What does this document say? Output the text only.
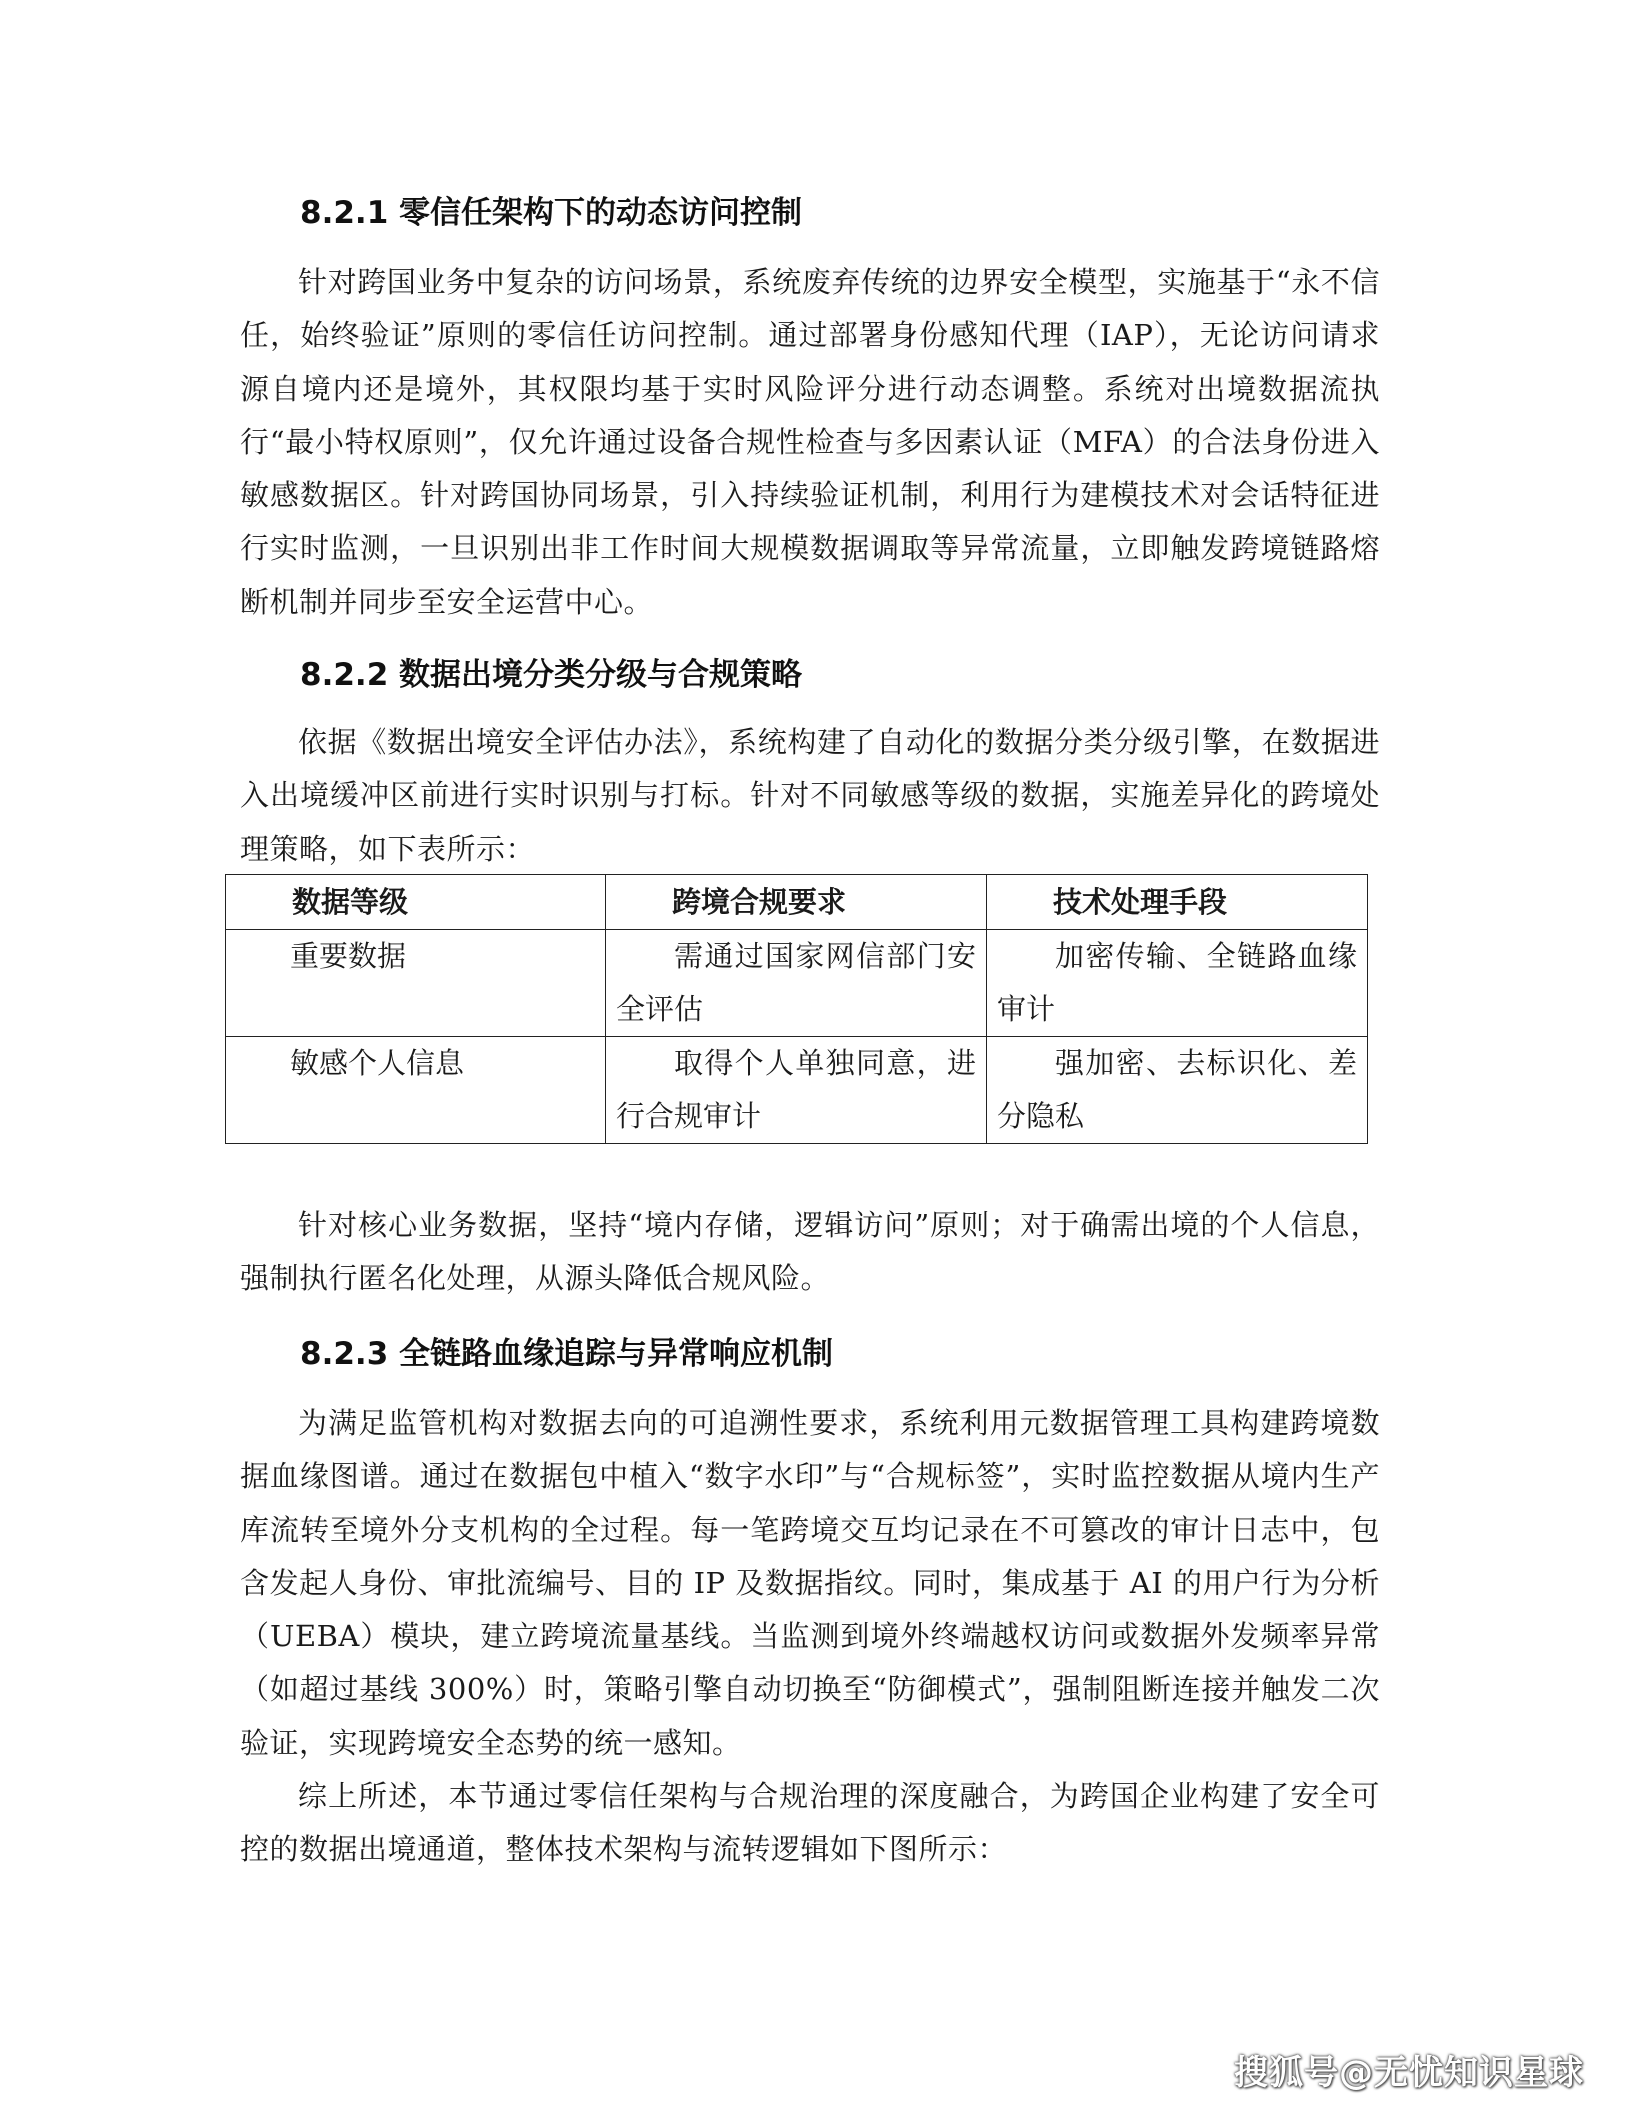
8.2.1 零信任架构下的动态访问控制

针对跨国业务中复杂的访问场景，系统废弃传统的边界安全模型，实施基于“永不信任，始终验证”原则的零信任访问控制。通过部署身份感知代理（IAP），无论访问请求源自境内还是境外，其权限均基于实时风险评分进行动态调整。系统对出境数据流执行“最小特权原则”，仅允许通过设备合规性检查与多因素认证（MFA）的合法身份进入敏感数据区。针对跨国协同场景，引入持续验证机制，利用行为建模技术对会话特征进行实时监测，一旦识别出非工作时间大规模数据调取等异常流量，立即触发跨境链路熔断机制并同步至安全运营中心。

8.2.2 数据出境分类分级与合规策略

依据《数据出境安全评估办法》，系统构建了自动化的数据分类分级引擎，在数据进入出境缓冲区前进行实时识别与打标。针对不同敏感等级的数据，实施差异化的跨境处理策略，如下表所示：

数据等级	跨境合规要求	技术处理手段

重要数据	需通过国家网信部门安全评估	加密传输、全链路血缘审计

敏感个人信息	取得个人单独同意，进行合规审计	强加密、去标识化、差分隐私

针对核心业务数据，坚持“境内存储，逻辑访问”原则；对于确需出境的个人信息，强制执行匿名化处理，从源头降低合规风险。

8.2.3 全链路血缘追踪与异常响应机制

为满足监管机构对数据去向的可追溯性要求，系统利用元数据管理工具构建跨境数据血缘图谱。通过在数据包中植入“数字水印”与“合规标签”，实时监控数据从境内生产库流转至境外分支机构的全过程。每一笔跨境交互均记录在不可篡改的审计日志中，包含发起人身份、审批流编号、目的 IP 及数据指纹。同时，集成基于 AI 的用户行为分析（UEBA）模块，建立跨境流量基线。当监测到境外终端越权访问或数据外发频率异常（如超过基线 300%）时，策略引擎自动切换至“防御模式”，强制阻断连接并触发二次验证，实现跨境安全态势的统一感知。

综上所述，本节通过零信任架构与合规治理的深度融合，为跨国企业构建了安全可控的数据出境通道，整体技术架构与流转逻辑如下图所示：

搜狐号@无忧知识星球
